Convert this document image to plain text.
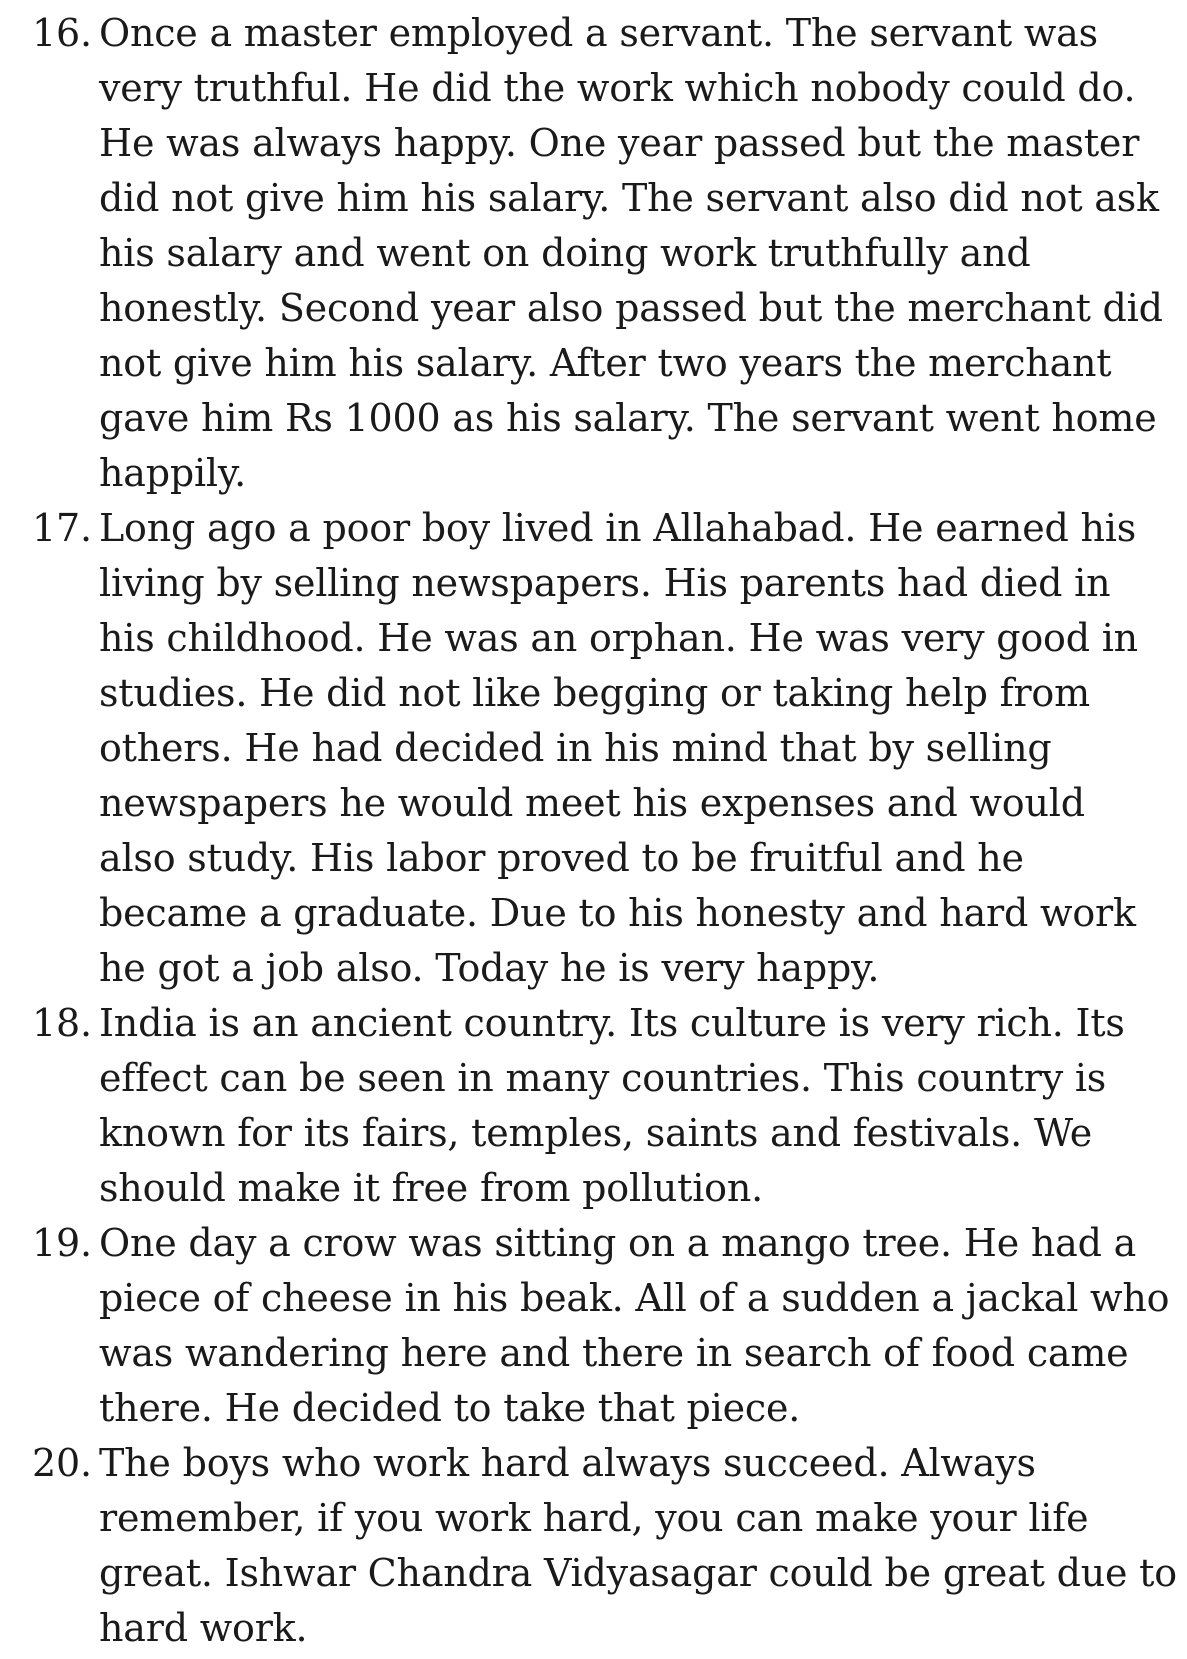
16. Once a master employed a servant. The servant was
very truthful. He did the work which nobody could do.
He was always happy. One year passed but the master
did not give him his salary. The servant also did not ask
his salary and went on doing work truthfully and
honestly. Second year also passed but the merchant did
not give him his salary. After two years the merchant
gave him Rs 1000 as his salary. The servant went home
happily.
17. Long ago a poor boy lived in Allahabad. He earned his
living by selling newspapers. His parents had died in
his childhood. He was an orphan. He was very good in
studies. He did not like begging or taking help from
others. He had decided in his mind that by selling
newspapers he would meet his expenses and would
also study. His labor proved to be fruitful and he
became a graduate. Due to his honesty and hard work
he got a job also. Today he is very happy.
18. India is an ancient country. Its culture is very rich. Its
effect can be seen in many countries. This country is
known for its fairs, temples, saints and festivals. We
should make it free from pollution.
19. One day a crow was sitting on a mango tree. He had a
piece of cheese in his beak. All of a sudden a jackal who
was wandering here and there in search of food came
there. He decided to take that piece.
20. The boys who work hard always succeed. Always
remember, if you work hard, you can make your life
great. Ishwar Chandra Vidyasagar could be great due to
hard work.
